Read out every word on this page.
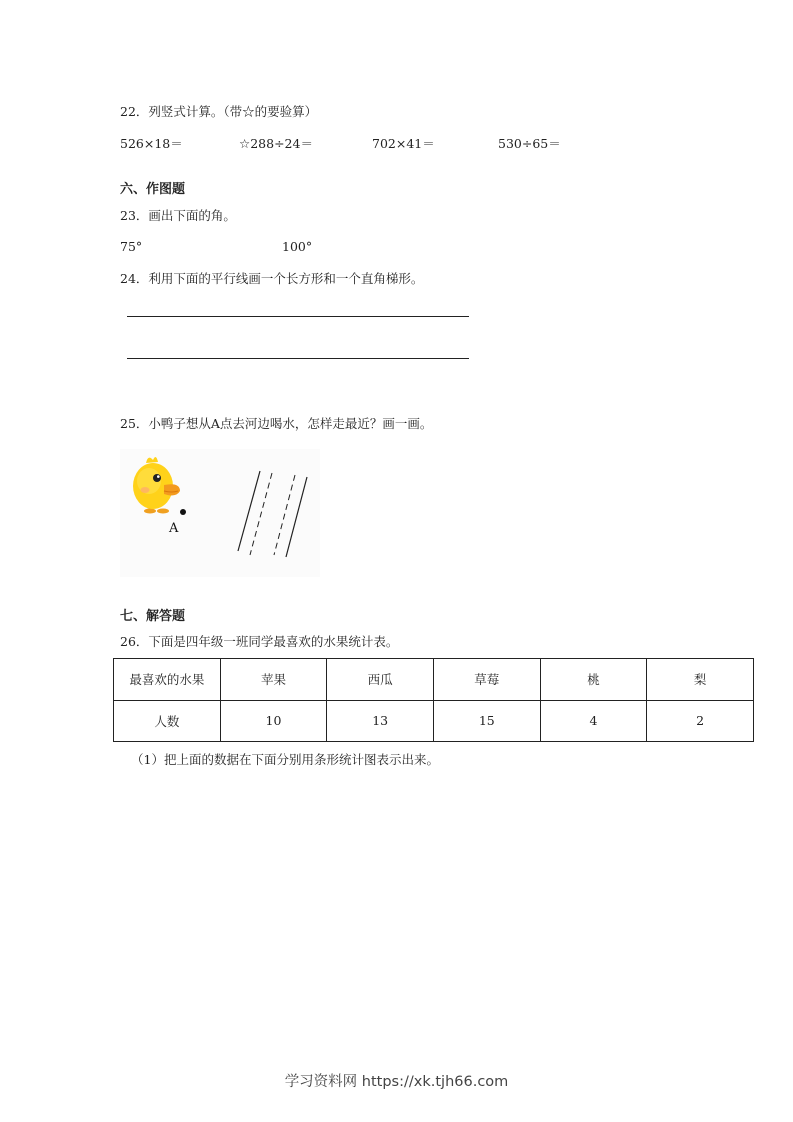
22．列竖式计算。（带☆的要验算）
526×18＝	☆288÷24＝	702×41＝	530÷65＝
六、作图题
23．画出下面的角。
75°	100°
24．利用下面的平行线画一个长方形和一个直角梯形。
25．小鸭子想从A点去河边喝水，怎样走最近？画一画。
A
七、解答题
26．下面是四年级一班同学最喜欢的水果统计表。
最喜欢的水果	苹果	西瓜	草莓	桃	梨
人数	10	13	15	4	2
（1）把上面的数据在下面分别用条形统计图表示出来。
学习资料网 https://xk.tjh66.com
